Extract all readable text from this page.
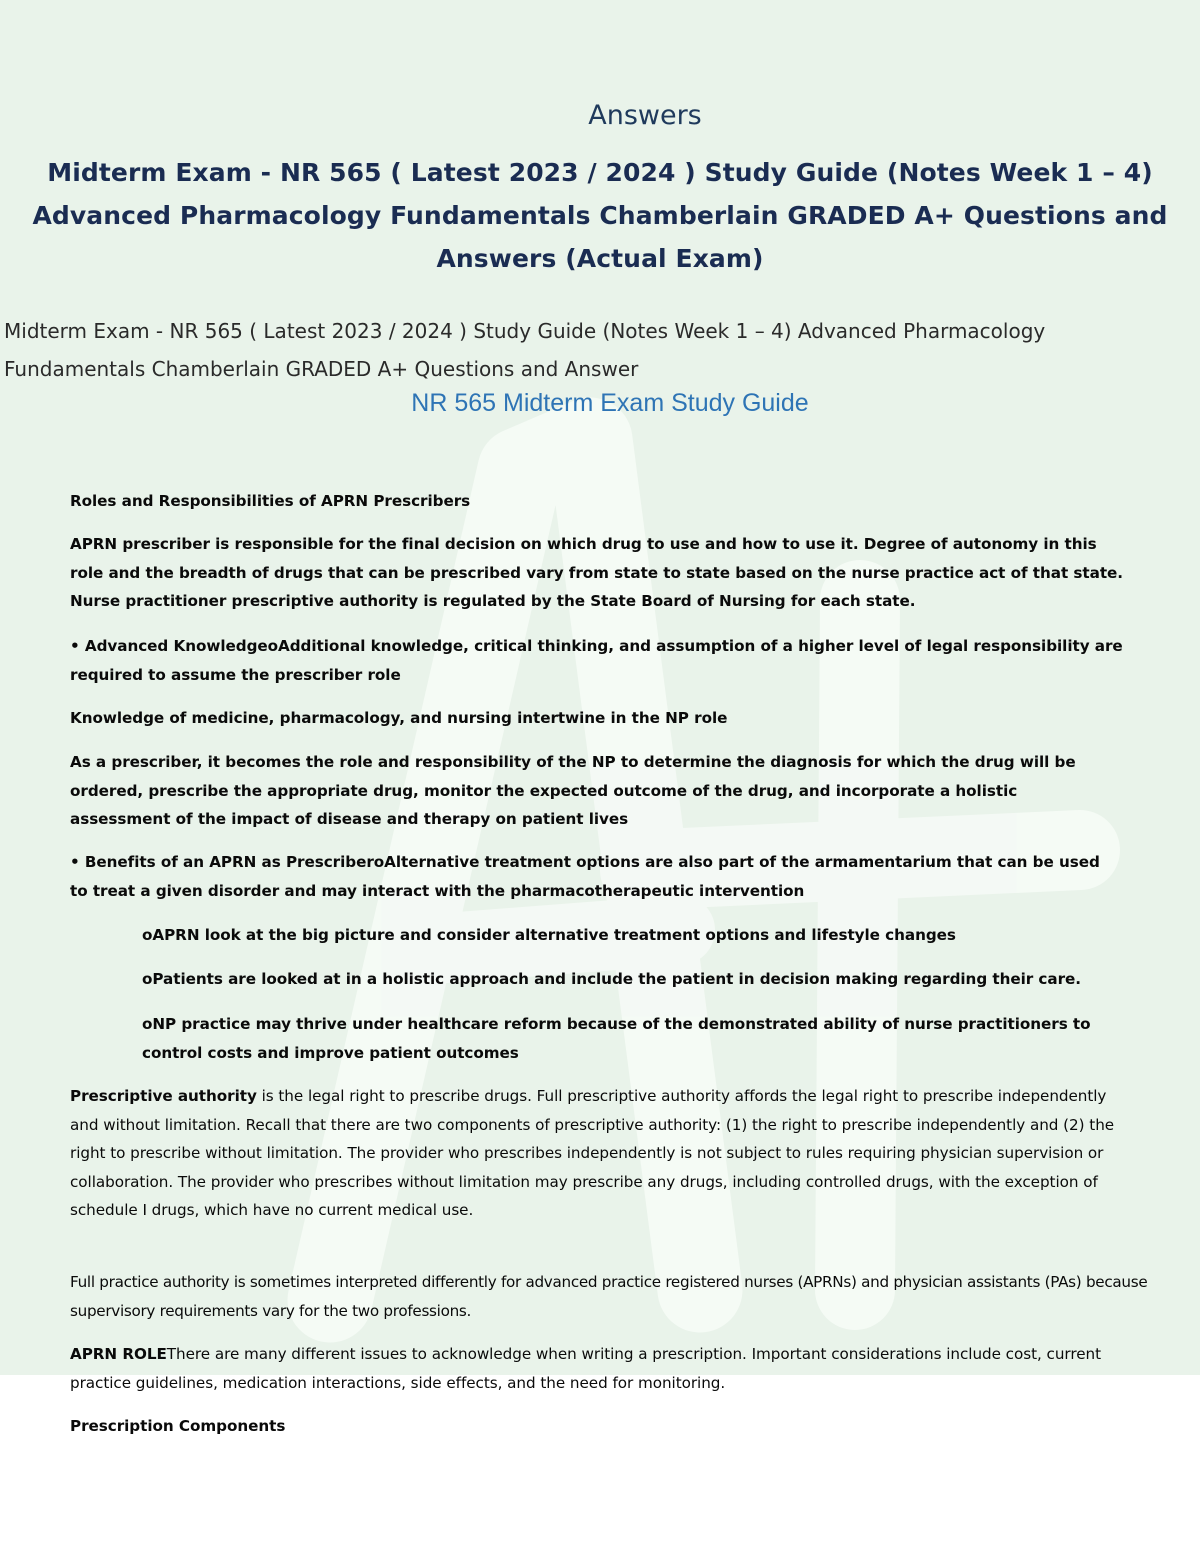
Answers
Midterm Exam - NR 565 ( Latest 2023 / 2024 ) Study Guide (Notes Week 1 – 4) Advanced Pharmacology Fundamentals Chamberlain GRADED A+ Questions and Answers (Actual Exam)
Midterm Exam - NR 565 ( Latest 2023 / 2024 ) Study Guide (Notes Week 1 – 4) Advanced Pharmacology Fundamentals Chamberlain GRADED A+ Questions and Answer
NR 565 Midterm Exam Study Guide

Roles and Responsibilities of APRN Prescribers

APRN prescriber is responsible for the final decision on which drug to use and how to use it. Degree of autonomy in this role and the breadth of drugs that can be prescribed vary from state to state based on the nurse practice act of that state. Nurse practitioner prescriptive authority is regulated by the State Board of Nursing for each state.

• Advanced KnowledgeoAdditional knowledge, critical thinking, and assumption of a higher level of legal responsibility are required to assume the prescriber role

Knowledge of medicine, pharmacology, and nursing intertwine in the NP role

As a prescriber, it becomes the role and responsibility of the NP to determine the diagnosis for which the drug will be ordered, prescribe the appropriate drug, monitor the expected outcome of the drug, and incorporate a holistic assessment of the impact of disease and therapy on patient lives

• Benefits of an APRN as PrescriberoAlternative treatment options are also part of the armamentarium that can be used to treat a given disorder and may interact with the pharmacotherapeutic intervention

oAPRN look at the big picture and consider alternative treatment options and lifestyle changes

oPatients are looked at in a holistic approach and include the patient in decision making regarding their care.

oNP practice may thrive under healthcare reform because of the demonstrated ability of nurse practitioners to control costs and improve patient outcomes

Prescriptive authority is the legal right to prescribe drugs. Full prescriptive authority affords the legal right to prescribe independently and without limitation. Recall that there are two components of prescriptive authority: (1) the right to prescribe independently and (2) the right to prescribe without limitation. The provider who prescribes independently is not subject to rules requiring physician supervision or collaboration. The provider who prescribes without limitation may prescribe any drugs, including controlled drugs, with the exception of schedule I drugs, which have no current medical use.

Full practice authority is sometimes interpreted differently for advanced practice registered nurses (APRNs) and physician assistants (PAs) because supervisory requirements vary for the two professions.

APRN ROLEThere are many different issues to acknowledge when writing a prescription. Important considerations include cost, current practice guidelines, medication interactions, side effects, and the need for monitoring.

Prescription Components
